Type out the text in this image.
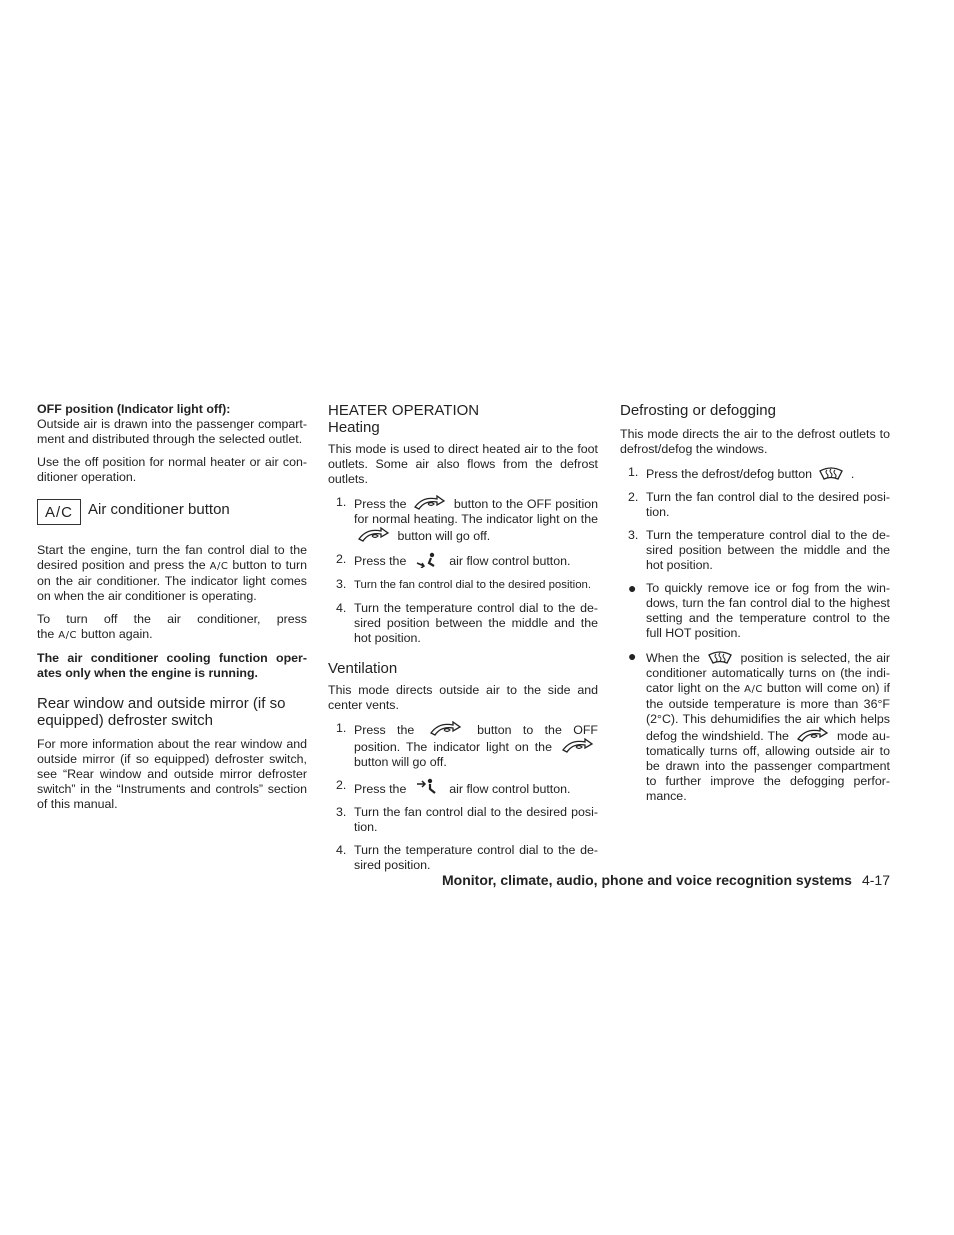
OFF position (Indicator light off):

Outside air is drawn into the passenger compart-ment and distributed through the selected outlet.

Use the off position for normal heater or air con-ditioner operation.

A/C	Air conditioner button

Start the engine, turn the fan control dial to the desired position and press the A/C button to turn on the air conditioner. The indicator light comes on when the air conditioner is operating.

To turn off the air conditioner, press the A/C button again.

The air conditioner cooling function oper-ates only when the engine is running.

Rear window and outside mirror (if so equipped) defroster switch

For more information about the rear window and outside mirror (if so equipped) defroster switch, see “Rear window and outside mirror defroster switch” in the “Instruments and controls” section of this manual.

HEATER OPERATION
Heating

This mode is used to direct heated air to the foot outlets. Some air also flows from the defrost outlets.

1. Press the	button to the OFF position for normal heating. The indicator light on the  button will go off.
2. Press the	air flow control button.
3. Turn the fan control dial to the desired position.
4. Turn the temperature control dial to the de-sired position between the middle and the hot position.
Ventilation

This mode directs outside air to the side and center vents.

1. Press the	button to the OFF position. The indicator light on the  button will go off.
2. Press the	air flow control button.
3. Turn the fan control dial to the desired posi-tion.
4. Turn the temperature control dial to the de-sired position.
Defrosting or defogging

This mode directs the air to the defrost outlets to defrost/defog the windows.

1. Press the defrost/defog button	.
2. Turn the fan control dial to the desired posi-tion.
3. Turn the temperature control dial to the de-sired position between the middle and the hot position.
● To quickly remove ice or fog from the win-dows, turn the fan control dial to the highest setting and the temperature control to the full HOT position.
● When the	position is selected, the air conditioner automatically turns on (the indi-cator light on the A/C button will come on) if the outside temperature is more than 36°F (2°C). This dehumidifies the air which helps defog the windshield. The	mode au-tomatically turns off, allowing outside air to be drawn into the passenger compartment to further improve the defogging perfor-mance.
Monitor, climate, audio, phone and voice recognition systems 4-17
